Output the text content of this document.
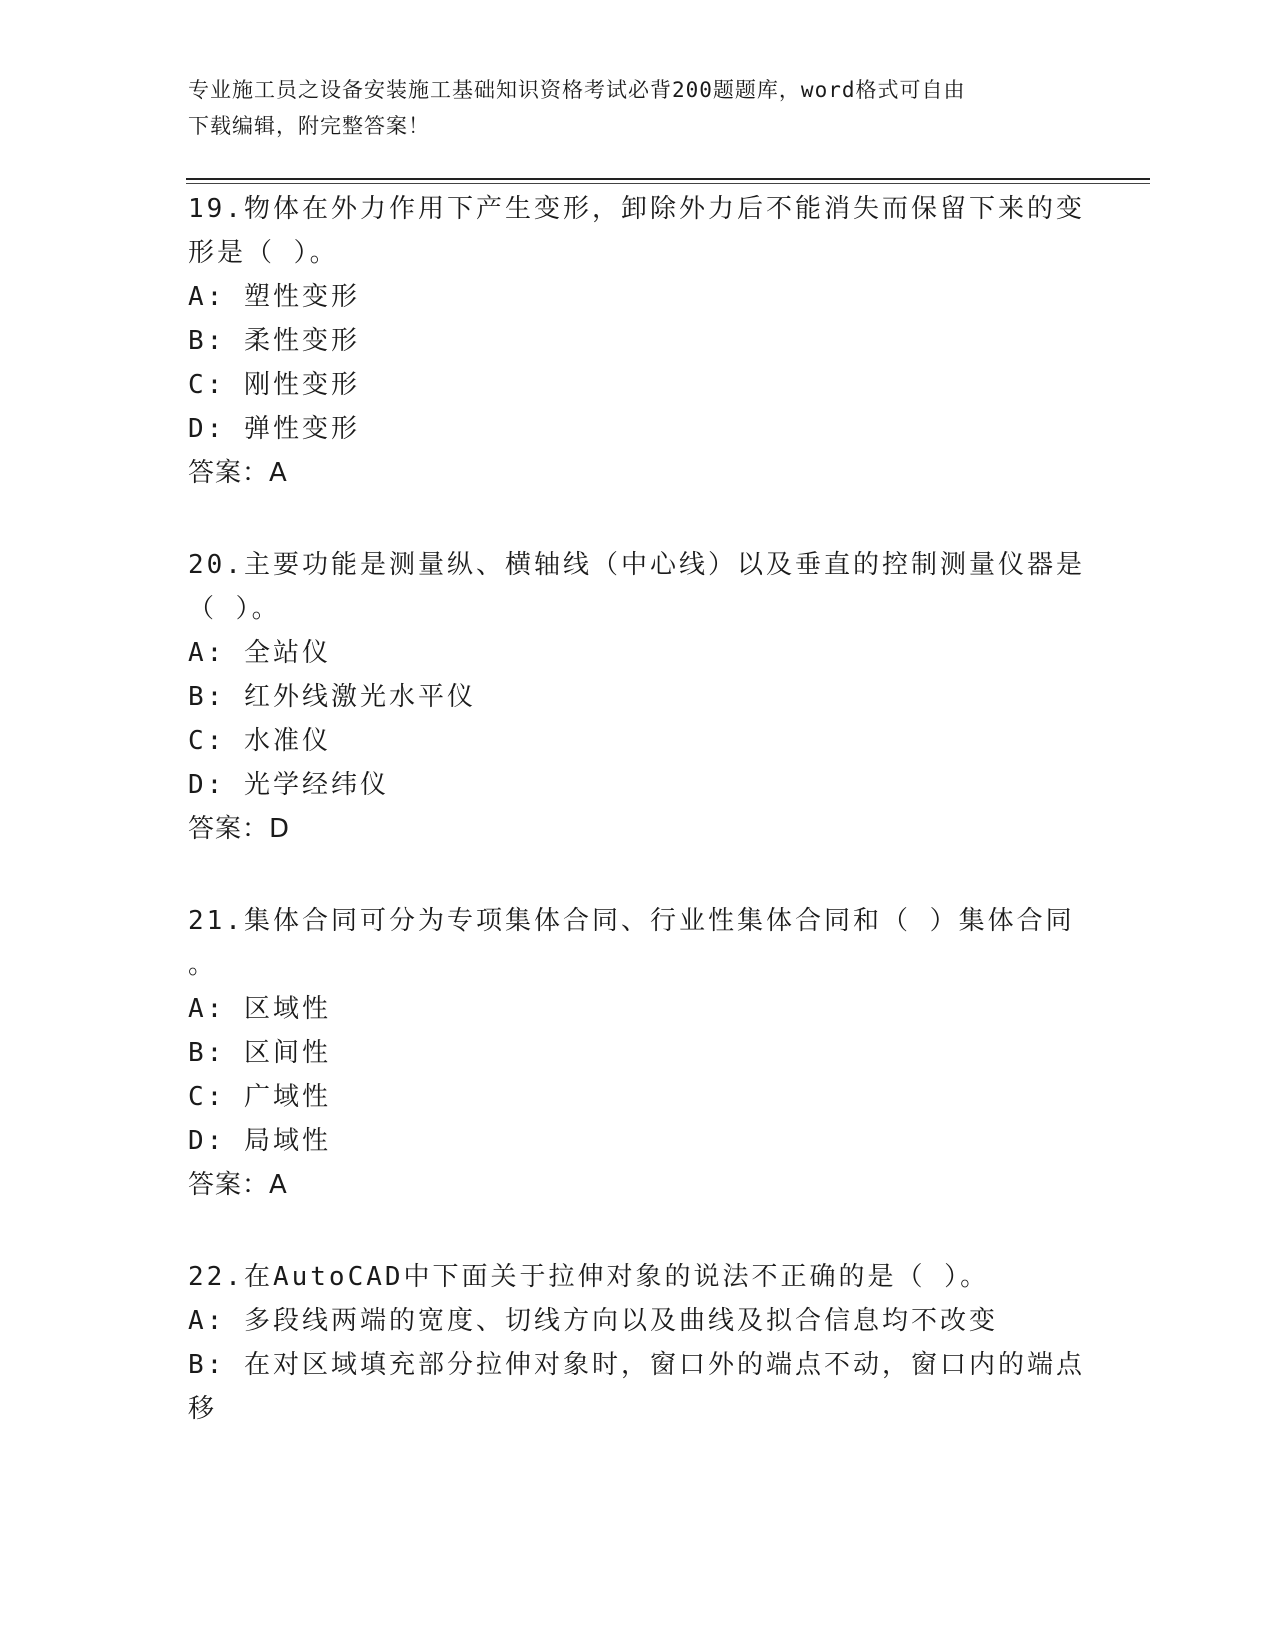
专业施工员之设备安装施工基础知识资格考试必背200题题库，word格式可自由
下载编辑，附完整答案！
19.物体在外力作用下产生变形，卸除外力后不能消失而保留下来的变
形是（ ）。
A: 塑性变形
B: 柔性变形
C: 刚性变形
D: 弹性变形
答案：A
20.主要功能是测量纵、横轴线（中心线）以及垂直的控制测量仪器是
（ ）。
A: 全站仪
B: 红外线激光水平仪
C: 水准仪
D: 光学经纬仪
答案：D
21.集体合同可分为专项集体合同、行业性集体合同和（ ）集体合同
。
A: 区域性
B: 区间性
C: 广域性
D: 局域性
答案：A
22.在AutoCAD中下面关于拉伸对象的说法不正确的是（ ）。
A: 多段线两端的宽度、切线方向以及曲线及拟合信息均不改变
B: 在对区域填充部分拉伸对象时，窗口外的端点不动，窗口内的端点
移
